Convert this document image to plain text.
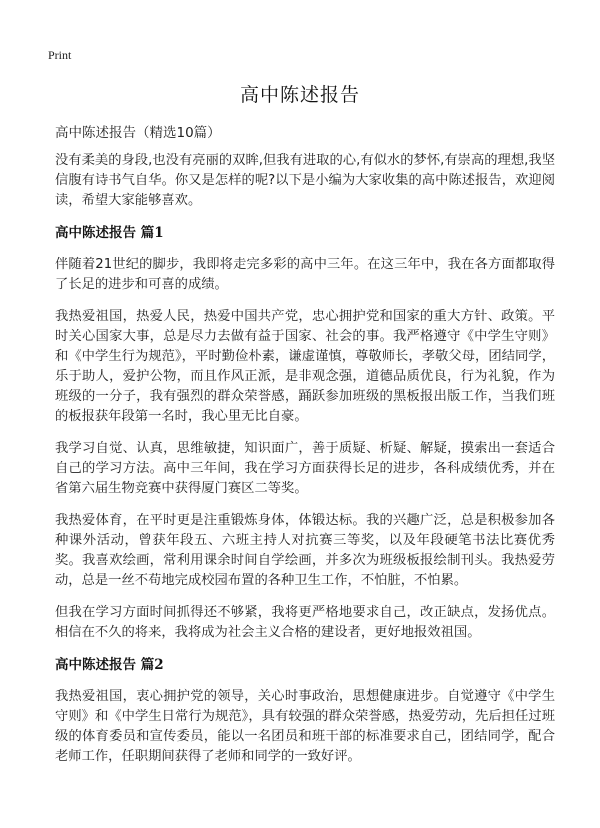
Print
高中陈述报告
高中陈述报告（精选10篇）

没有柔美的身段,也没有亮丽的双眸,但我有进取的心,有似水的梦怀,有崇高的理想,我坚信腹有诗书气自华。你又是怎样的呢?以下是小编为大家收集的高中陈述报告，欢迎阅读，希望大家能够喜欢。

高中陈述报告 篇1

伴随着21世纪的脚步，我即将走完多彩的高中三年。在这三年中，我在各方面都取得了长足的进步和可喜的成绩。

我热爱祖国，热爱人民，热爱中国共产党，忠心拥护党和国家的重大方针、政策。平时关心国家大事，总是尽力去做有益于国家、社会的事。我严格遵守《中学生守则》和《中学生行为规范》，平时勤俭朴素，谦虚谨慎，尊敬师长，孝敬父母，团结同学，乐于助人，爱护公物，而且作风正派，是非观念强，道德品质优良，行为礼貌，作为班级的一分子，我有强烈的群众荣誉感，踊跃参加班级的黑板报出版工作，当我们班的板报获年段第一名时，我心里无比自豪。

我学习自觉、认真，思维敏捷，知识面广，善于质疑、析疑、解疑，摸索出一套适合自己的学习方法。高中三年间，我在学习方面获得长足的进步，各科成绩优秀，并在省第六届生物竞赛中获得厦门赛区二等奖。

我热爱体育，在平时更是注重锻炼身体，体锻达标。我的兴趣广泛，总是积极参加各种课外活动，曾获年段五、六班主持人对抗赛三等奖，以及年段硬笔书法比赛优秀奖。我喜欢绘画，常利用课余时间自学绘画，并多次为班级板报绘制刊头。我热爱劳动，总是一丝不苟地完成校园布置的各种卫生工作，不怕脏，不怕累。

但我在学习方面时间抓得还不够紧，我将更严格地要求自己，改正缺点，发扬优点。相信在不久的将来，我将成为社会主义合格的建设者，更好地报效祖国。

高中陈述报告 篇2

我热爱祖国，衷心拥护党的领导，关心时事政治，思想健康进步。自觉遵守《中学生守则》和《中学生日常行为规范》，具有较强的群众荣誉感，热爱劳动，先后担任过班级的体育委员和宣传委员，能以一名团员和班干部的标准要求自己，团结同学，配合老师工作，任职期间获得了老师和同学的一致好评。
